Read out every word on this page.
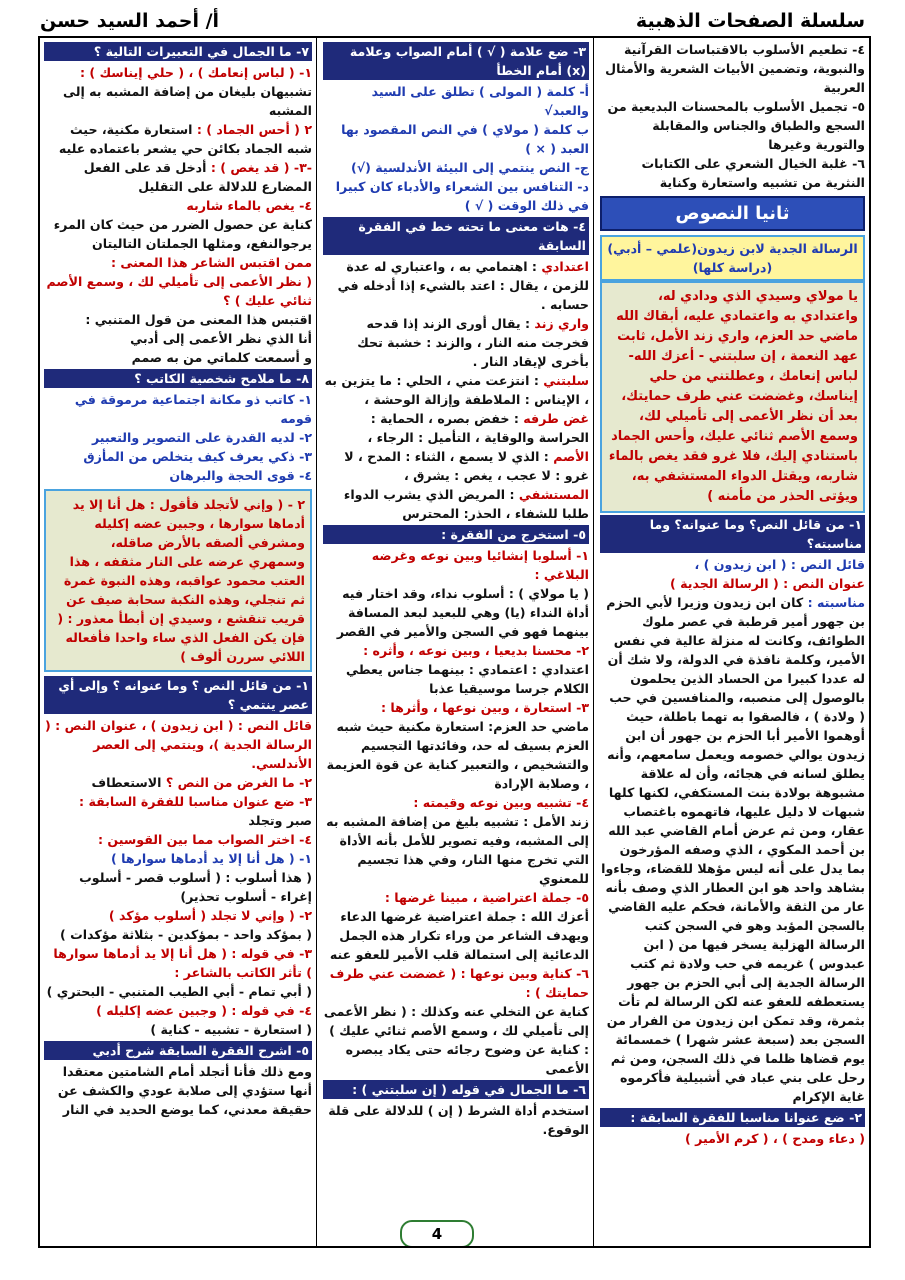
سلسلة الصفحات الذهبية
أ/ أحمد السيد حسن

٤- تطعيم الأسلوب بالاقتباسات القرآنية والنبوية، وتضمين الأبيات الشعرية والأمثال العربية

٥- تجميل الأسلوب بالمحسنات البديعية من السجع والطباق والجناس والمقابلة والتورية وغيرها

٦- غلبة الخيال الشعري على الكتابات النثرية من تشبيه واستعارة وكناية

ثانيا النصوص
الرسالة الجدية لابن زيدون(علمي – أدبي) (دراسة كلها)
يا مولاي وسيدي الذي ودادي له، واعتدادي به واعتمادي عليه، أبقاك الله ماضي حد العزم، واري زند الأمل، ثابت عهد النعمة ، إن سلبتني - أعزك الله- لباس إنعامك ، وعطلتني من حلي إيناسك، وغضضت عني طرف حمايتك، بعد أن نظر الأعمى إلى تأميلي لك، وسمع الأصم ثنائي عليك، وأحس الجماد باستنادي إليك، فلا غرو فقد يغص بالماء شاربه، ويقتل الدواء المستشفي به، ويؤتى الحذر من مأمنه )

١- من قائل النص؟ وما عنوانه؟ وما مناسبته؟

قائل النص : ( ابن زيدون ) ،

عنوان النص : ( الرسالة الجدية )

مناسبته : كان ابن زيدون وزيرا لأبي الحزم بن جهور أمير قرطبة في عصر ملوك الطوائف، وكانت له منزلة عالية في نفس الأمير، وكلمة نافذة في الدولة، ولا شك أن له عددا كبيرا من الحساد الذين يحلمون بالوصول إلى منصبه، والمنافسين في حب ( ولادة ) ، فالصقوا به تهما باطلة، حيث أوهموا الأمير أبا الحزم بن جهور أن ابن زيدون يوالي خصومه ويعمل سامعهم، وأنه يطلق لسانه في هجائه، وأن له علاقة مشبوهة بولادة بنت المستكفي، لكنها كلها شبهات لا دليل عليها، فاتهموه باغتصاب عقار، ومن ثم عرض أمام القاضي عبد الله بن أحمد المكوي ، الذي وصفه المؤرخون بما يدل على أنه ليس مؤهلا للقضاء، وجاءوا بشاهد واحد هو ابن العطار الذي وصف بأنه عار من الثقة والأمانة، فحكم عليه القاضي بالسجن المؤبد وهو في السجن كتب الرسالة الهزلية يسخر فيها من ( ابن عبدوس ) غريمه في حب ولادة ثم كتب الرسالة الجدية إلى أبي الحزم بن جهور يستعطفه للعفو عنه لكن الرسالة لم تأت بثمرة، وقد تمكن ابن زيدون من الفرار من السجن بعد (سبعة عشر شهرا ) خمسمائة يوم قضاها ظلما في ذلك السجن، ومن ثم رحل على بني عباد في أشبيلية فأكرموه غاية الإكرام

٢- ضع عنوانا مناسبا للفقرة السابقة :

( دعاء ومدح ) ، ( كرم الأمير )

٣- ضع علامة ( √ ) أمام الصواب وعلامة (x) أمام الخطأ

أ- كلمة ( المولى ) تطلق على السيد والعبد√

ب كلمة ( مولاي ) في النص المقصود بها العبد ( × )

ج- النص ينتمي إلى البيئة الأندلسية (√)

د- التنافس بين الشعراء والأدباء كان كبيرا في ذلك الوقت ( √ )

٤- هات معنى ما تحته خط في الفقرة السابقة

اعتدادي : اهتمامي به ، واعتباري له عدة للزمن ، يقال : اعتد بالشيء إذا أدخله في حسابه .

واري زند : يقال أورى الزند إذا قدحه فخرجت منه النار ، والزند : خشبة تحك بأخرى لإيقاد النار .

سلبتني : انتزعت مني ، الحلي : ما يتزين به ، الإيناس : الملاطفة وإزالة الوحشة ،

غض طرفه : خفض بصره ، الحماية : الحراسة والوقاية ، التأميل : الرجاء ،

الأصم : الذي لا يسمع ، الثناء : المدح ، لا غرو : لا عجب ، يغص : يشرق ،

المستشفي : المريض الذي يشرب الدواء طلبا للشفاء ، الحذر: المحترس

٥- استخرج من الفقرة :

١- أسلوبا إنشائيا وبين نوعه وغرضه البلاغي :

( يا مولاي ) : أسلوب نداء، وقد اختار فيه أداة النداء (يا) وهي للبعيد لبعد المسافة بينهما فهو في السجن والأمير في القصر

٢- محسنا بديعيا ، وبين نوعه ، وأثره :

اعتدادي : اعتمادي : بينهما جناس يعطي الكلام جرسا موسيقيا عذبا

٣- استعارة ، وبين نوعها ، وأثرها :

ماضي حد العزم: استعارة مكنية حيث شبه العزم بسيف له حد، وفائدتها التجسيم والتشخيص ، والتعبير كناية عن قوة العزيمة ، وصلابة الإرادة

٤- تشبيه وبين نوعه وقيمته :

زند الأمل : تشبيه بليغ من إضافة المشبه به إلى المشبه، وفيه تصوير للأمل بأنه الأداة التي تخرج منها النار، وفي هذا تجسيم للمعنوي

٥- جملة اعتراضية ، مبينا غرضها :

أعزك الله : جملة اعتراضية غرضها الدعاء ويهدف الشاعر من وراء تكرار هذه الجمل الدعائية إلى استمالة قلب الأمير للعفو عنه

٦- كناية وبين نوعها : ( غضضت عني طرف حمايتك ) :

كناية عن التخلي عنه وكذلك : ( نظر الأعمى إلى تأميلي لك ، وسمع الأصم ثنائي عليك ) : كناية عن وضوح رجائه حتى يكاد يبصره الأعمى

٦- ما الجمال في قوله ( إن سلبتني ) :

استخدم أداة الشرط ( إن ) للدلالة على قلة الوقوع.

٧- ما الجمال في التعبيرات التالية ؟

١- ( لباس إنعامك ) ، ( حلي إيناسك ) :

تشبيهان بليغان من إضافة المشبه به إلى المشبه

٢ ( أحس الجماد ) : استعارة مكنية، حيث شبه الجماد بكائن حي يشعر باعتماده عليه

-٣- ( قد يغص ) : أدخل قد على الفعل المضارع للدلالة على التقليل

٤- يغص بالماء شاربه

كناية عن حصول الضرر من حيث كان المرء يرجوالنفع، ومثلها الجملتان التاليتان

ممن اقتبس الشاعر هذا المعنى :

( نظر الأعمى إلى تأميلي لك ، وسمع الأصم ثنائي عليك ) ؟

اقتبس هذا المعنى من قول المتنبي :

أنا الذي نظر الأعمى إلى أدبي

و أسمعت كلماتي من به صمم

٨- ما ملامح شخصية الكاتب ؟

١- كاتب ذو مكانة اجتماعية مرموقة في قومه

٢- لديه القدرة على التصوير والتعبير

٣- ذكي يعرف كيف يتخلص من المأزق

٤- قوى الحجة والبرهان

٢ - ( وإني لأتجلد فأقول : هل أنا إلا يد أدماها سوارها ، وجبين عضه إكليله ومشرفي ألصقه بالأرض صاقله، وسمهري عرضه على النار مثقفه ، هذا العتب محمود عواقبه، وهذه النبوة غمرة ثم تنجلي، وهذه النكبة سحابة صيف عن قريب تنقشع ، وسيدي إن أبطأ معذور : ( فإن يكن الفعل الذي ساء واحدا فأفعاله اللائي سررن ألوف )

١- من قائل النص ؟ وما عنوانه ؟ وإلى أي عصر ينتمي ؟

قائل النص : ( ابن زيدون ) ، عنوان النص : ( الرسالة الجدية )، وينتمي إلى العصر الأندلسي.

٢- ما الغرض من النص ؟ الاستعطاف

٣- ضع عنوان مناسبا للفقرة السابقة :

صبر وتجلد

٤- اختر الصواب مما بين القوسين :

١- ( هل أنا إلا يد أدماها سوارها )

( هذا أسلوب : ( أسلوب قصر - أسلوب إغراء - أسلوب تحذير)

٢- ( وإني لا تجلد ( أسلوب مؤكد )

( بمؤكد واحد - بمؤكدين - بثلاثة مؤكدات )

٣- في قوله : ( هل أنا إلا يد أدماها سوارها ) تأثر الكاتب بالشاعر :

( أبي تمام - أبي الطيب المتنبي - البحتري )

٤- في قوله : ( وجبين عضه إكليله )

( استعارة - تشبيه - كناية )

٥- اشرح الفقرة السابقة شرح أدبي

ومع ذلك فأنا أتجلد أمام الشامتين معتقدا أنها ستؤدي إلى صلابة عودي والكشف عن حقيقة معدني، كما يوضع الحديد في النار

4
